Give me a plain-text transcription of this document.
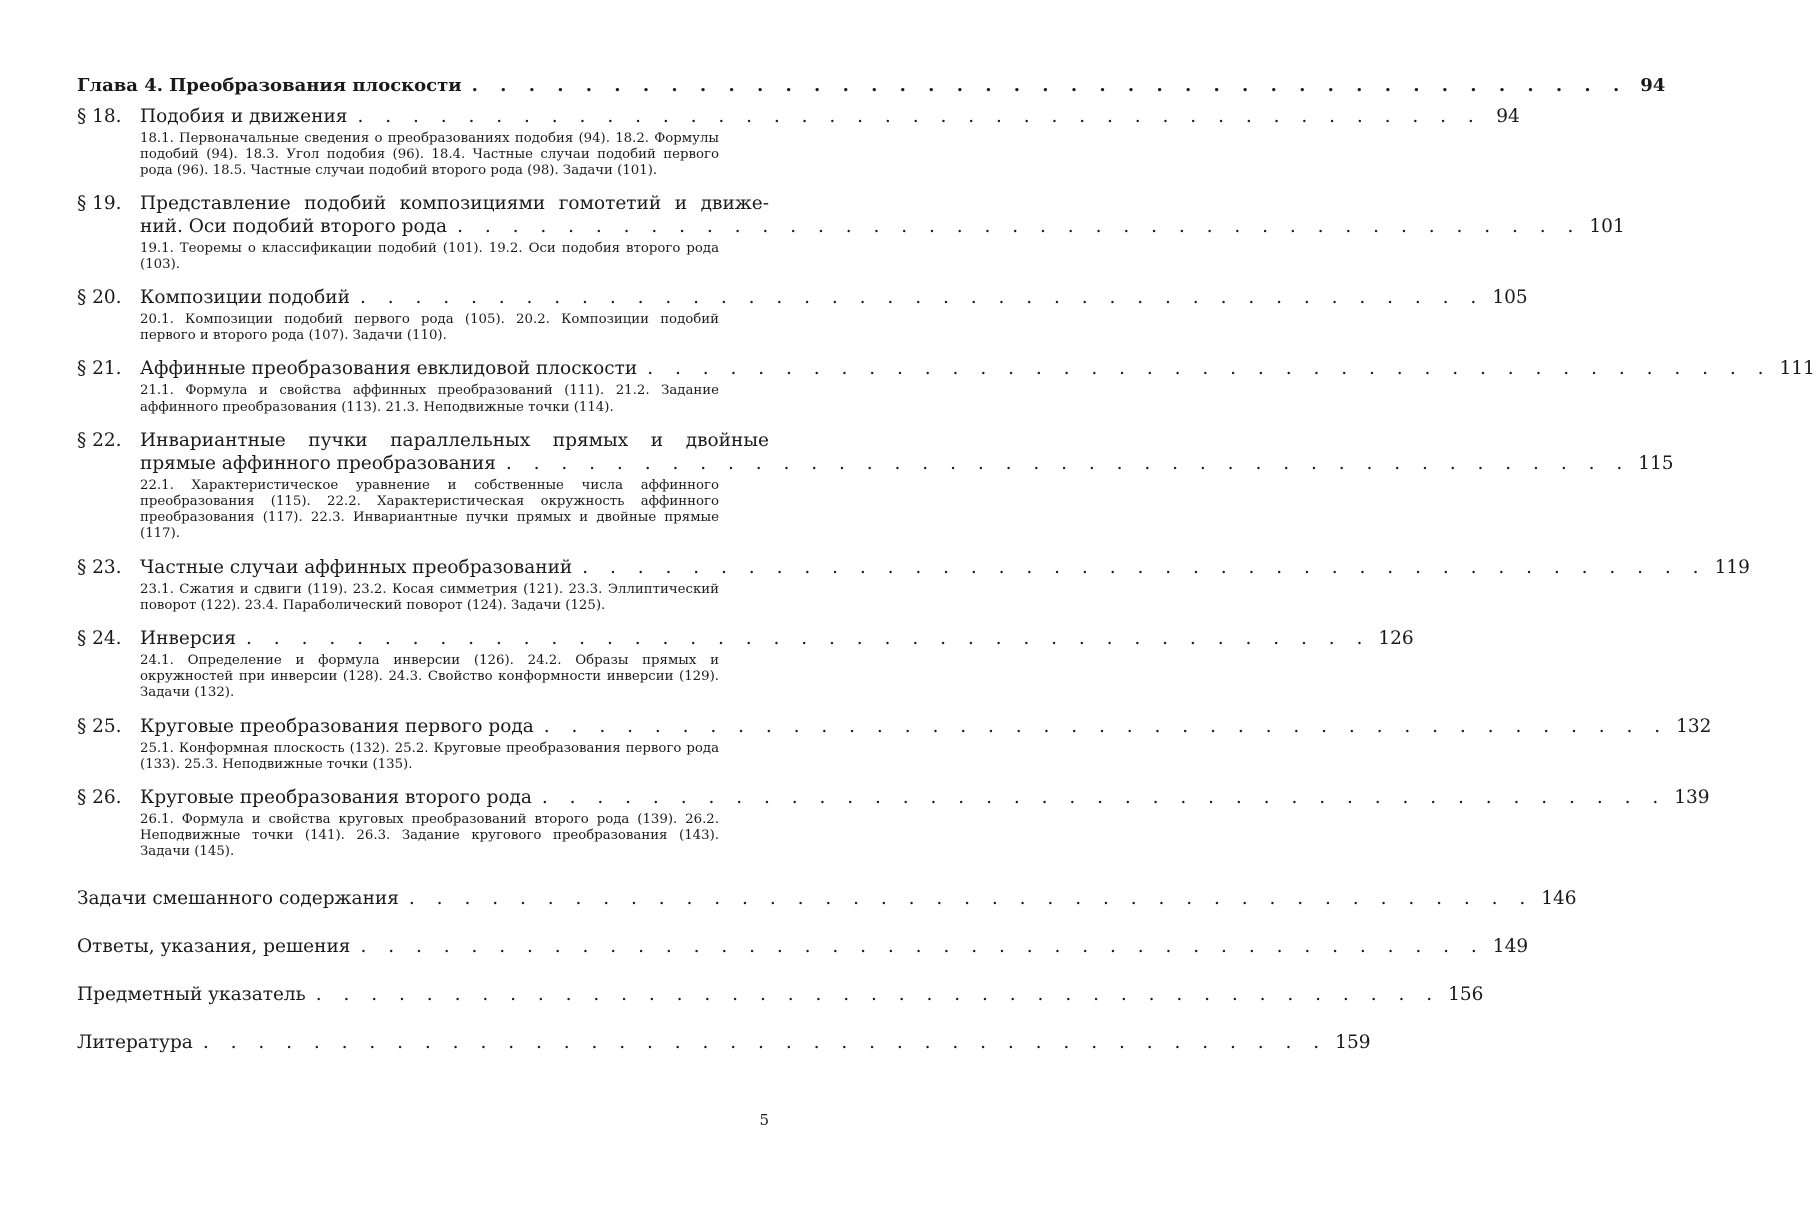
Глава 4. Преобразования плоскости . . . . . . . . . . . . . . . . . . . . . . . . . . . . . . . . . . . . . . . . . 94
§ 18. Подобия и движения . . . . . . . . . . . . . . . . . . . . . . . . . . . . . . . . . . . . . . . . . 94
18.1. Первоначальные сведения о преобразованиях подобия (94). 18.2. Формулы подобий (94). 18.3. Угол подобия (96). 18.4. Частные случаи подобий первого рода (96). 18.5. Частные случаи подобий второго рода (98). Задачи (101).
§ 19. Представление подобий композициями гомотетий и движе-
ний. Оси подобий второго рода . . . . . . . . . . . . . . . . . . . . . . . . . . . . . . . . . . . . . . . . . 101
19.1. Теоремы о классификации подобий (101). 19.2. Оси подобия второго рода (103).
§ 20. Композиции подобий . . . . . . . . . . . . . . . . . . . . . . . . . . . . . . . . . . . . . . . . . 105
20.1. Композиции подобий первого рода (105). 20.2. Композиции подобий первого и второго рода (107). Задачи (110).
§ 21. Аффинные преобразования евклидовой плоскости . . . . . . . . . . . . . . . . . . . . . . . . . . . . . . . . . . . . . . . . . 111
21.1. Формула и свойства аффинных преобразований (111). 21.2. Задание аффинного преобразования (113). 21.3. Неподвижные точки (114).
§ 22. Инвариантные пучки параллельных прямых и двойные
прямые аффинного преобразования . . . . . . . . . . . . . . . . . . . . . . . . . . . . . . . . . . . . . . . . . 115
22.1. Характеристическое уравнение и собственные числа аффинного преобразования (115). 22.2. Характеристическая окружность аффинного преобразования (117). 22.3. Инвариантные пучки прямых и двойные прямые (117).
§ 23. Частные случаи аффинных преобразований . . . . . . . . . . . . . . . . . . . . . . . . . . . . . . . . . . . . . . . . . 119
23.1. Сжатия и сдвиги (119). 23.2. Косая симметрия (121). 23.3. Эллиптический поворот (122). 23.4. Параболический поворот (124). Задачи (125).
§ 24. Инверсия . . . . . . . . . . . . . . . . . . . . . . . . . . . . . . . . . . . . . . . . . 126
24.1. Определение и формула инверсии (126). 24.2. Образы прямых и окружностей при инверсии (128). 24.3. Свойство конформности инверсии (129). Задачи (132).
§ 25. Круговые преобразования первого рода . . . . . . . . . . . . . . . . . . . . . . . . . . . . . . . . . . . . . . . . . 132
25.1. Конформная плоскость (132). 25.2. Круговые преобразования первого рода (133). 25.3. Неподвижные точки (135).
§ 26. Круговые преобразования второго рода . . . . . . . . . . . . . . . . . . . . . . . . . . . . . . . . . . . . . . . . . 139
26.1. Формула и свойства круговых преобразований второго рода (139). 26.2. Неподвижные точки (141). 26.3. Задание кругового преобразования (143). Задачи (145).
Задачи смешанного содержания . . . . . . . . . . . . . . . . . . . . . . . . . . . . . . . . . . . . . . . . . 146
Ответы, указания, решения . . . . . . . . . . . . . . . . . . . . . . . . . . . . . . . . . . . . . . . . . 149
Предметный указатель . . . . . . . . . . . . . . . . . . . . . . . . . . . . . . . . . . . . . . . . . 156
Литература . . . . . . . . . . . . . . . . . . . . . . . . . . . . . . . . . . . . . . . . . 159
5
